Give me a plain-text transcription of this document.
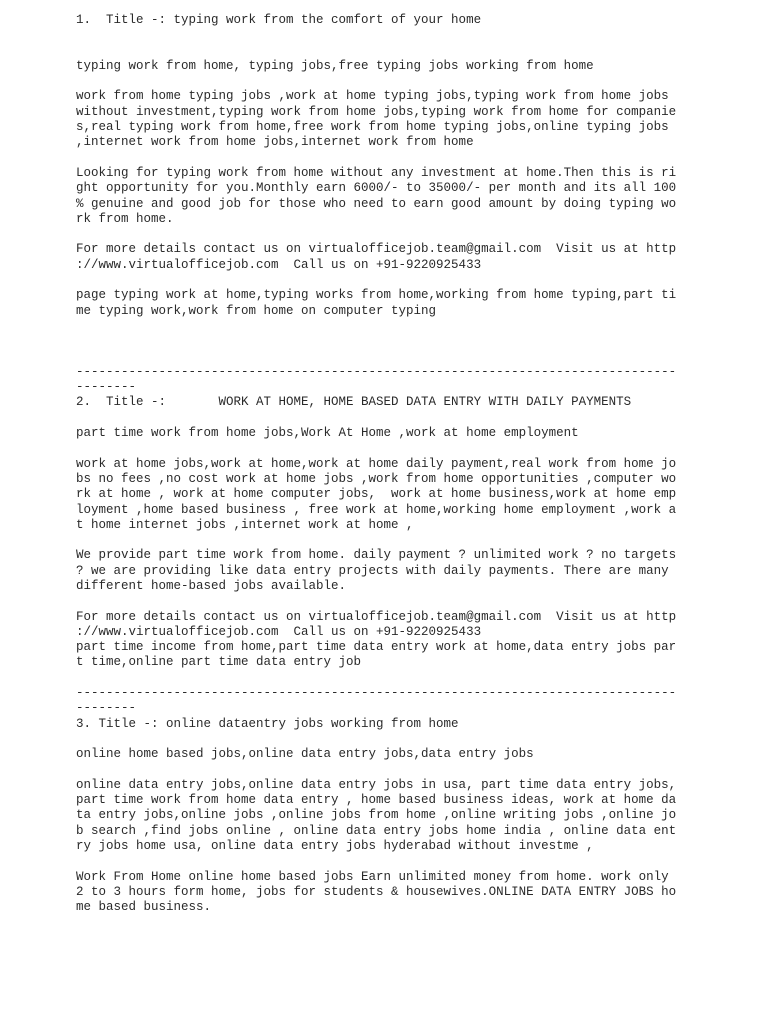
1.  Title -: typing work from the comfort of your home
typing work from home, typing jobs,free typing jobs working from home
work from home typing jobs ,work at home typing jobs,typing work from home jobs
without investment,typing work from home jobs,typing work from home for companie
s,real typing work from home,free work from home typing jobs,online typing jobs
,internet work from home jobs,internet work from home
Looking for typing work from home without any investment at home.Then this is ri
ght opportunity for you.Monthly earn 6000/- to 35000/- per month and its all 100
% genuine and good job for those who need to earn good amount by doing typing wo
rk from home.
For more details contact us on virtualofficejob.team@gmail.com  Visit us at http
://www.virtualofficejob.com  Call us on +91-9220925433
page typing work at home,typing works from home,working from home typing,part ti
me typing work,work from home on computer typing
--------------------------------------------------------------------------------
--------
2.  Title -:       WORK AT HOME, HOME BASED DATA ENTRY WITH DAILY PAYMENTS
part time work from home jobs,Work At Home ,work at home employment
work at home jobs,work at home,work at home daily payment,real work from home jo
bs no fees ,no cost work at home jobs ,work from home opportunities ,computer wo
rk at home , work at home computer jobs,  work at home business,work at home emp
loyment ,home based business , free work at home,working home employment ,work a
t home internet jobs ,internet work at home ,
We provide part time work from home. daily payment ? unlimited work ? no targets
? we are providing like data entry projects with daily payments. There are many
different home-based jobs available.
For more details contact us on virtualofficejob.team@gmail.com  Visit us at http
://www.virtualofficejob.com  Call us on +91-9220925433
part time income from home,part time data entry work at home,data entry jobs par
t time,online part time data entry job
--------------------------------------------------------------------------------
--------
3. Title -: online dataentry jobs working from home
online home based jobs,online data entry jobs,data entry jobs
online data entry jobs,online data entry jobs in usa, part time data entry jobs,
part time work from home data entry , home based business ideas, work at home da
ta entry jobs,online jobs ,online jobs from home ,online writing jobs ,online jo
b search ,find jobs online , online data entry jobs home india , online data ent
ry jobs home usa, online data entry jobs hyderabad without investme ,
Work From Home online home based jobs Earn unlimited money from home. work only
2 to 3 hours form home, jobs for students & housewives.ONLINE DATA ENTRY JOBS ho
me based business.
